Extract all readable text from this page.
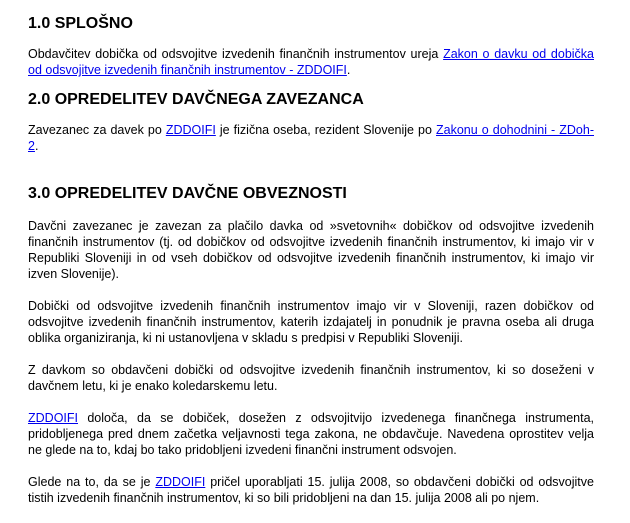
1.0 SPLOŠNO

Obdavčitev dobička od odsvojitve izvedenih finančnih instrumentov ureja Zakon o davku od dobička od odsvojitve izvedenih finančnih instrumentov - ZDDOIFI.

2.0 OPREDELITEV DAVČNEGA ZAVEZANCA

Zavezanec za davek po ZDDOIFI je fizična oseba, rezident Slovenije po Zakonu o dohodnini - ZDoh-2.

3.0 OPREDELITEV DAVČNE OBVEZNOSTI

Davčni zavezanec je zavezan za plačilo davka od »svetovnih« dobičkov od odsvojitve izvedenih finančnih instrumentov (tj. od dobičkov od odsvojitve izvedenih finančnih instrumentov, ki imajo vir v Republiki Sloveniji in od vseh dobičkov od odsvojitve izvedenih finančnih instrumentov, ki imajo vir izven Slovenije).

Dobički od odsvojitve izvedenih finančnih instrumentov imajo vir v Sloveniji, razen dobičkov od odsvojitve izvedenih finančnih instrumentov, katerih izdajatelj in ponudnik je pravna oseba ali druga oblika organiziranja, ki ni ustanovljena v skladu s predpisi v Republiki Sloveniji.

Z davkom so obdavčeni dobički od odsvojitve izvedenih finančnih instrumentov, ki so doseženi v davčnem letu, ki je enako koledarskemu letu.

ZDDOIFI določa, da se dobiček, dosežen z odsvojitvijo izvedenega finančnega instrumenta, pridobljenega pred dnem začetka veljavnosti tega zakona, ne obdavčuje. Navedena oprostitev velja ne glede na to, kdaj bo tako pridobljeni izvedeni finančni instrument odsvojen.

Glede na to, da se je ZDDOIFI pričel uporabljati 15. julija 2008, so obdavčeni dobički od odsvojitve tistih izvedenih finančnih instrumentov, ki so bili pridobljeni na dan 15. julija 2008 ali po njem.
